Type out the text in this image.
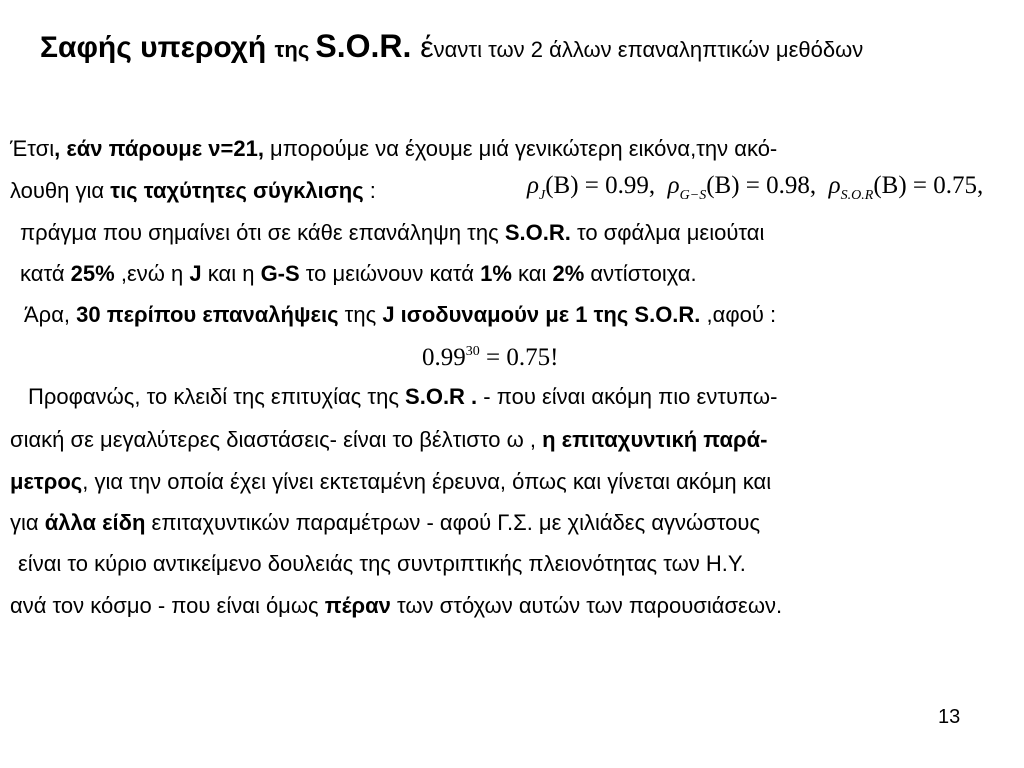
Σαφής υπεροχή της S.O.R. έναντι των 2 άλλων επαναληπτικών μεθόδων
Έτσι, εάν πάρουμε ν=21, μπορούμε να έχουμε μιά γενικώτερη εικόνα,την ακό-
λουθη για τις ταχύτητες σύγκλισης :	$\rho_J(B) = 0.99$, $\rho_{G-S}(B) = 0.98$, $\rho_{S.O.R}(B) = 0.75$,
πράγμα που σημαίνει ότι σε κάθε επανάληψη της S.O.R. το σφάλμα μειούται
κατά 25% ,ενώ η J και η G-S το μειώνουν κατά 1% και 2% αντίστοιχα.
Άρα, 30 περίπου επαναλήψεις της J ισοδυναμούν με 1 της S.O.R. ,αφού :
$0.99^{30} = 0.75$!
Προφανώς, το κλειδί της επιτυχίας της S.O.R . - που είναι ακόμη πιο εντυπω-
σιακή σε μεγαλύτερες διαστάσεις- είναι το βέλτιστο ω , η επιταχυντική παρά-
μετρος, για την οποία έχει γίνει εκτεταμένη έρευνα, όπως και γίνεται ακόμη και
για άλλα είδη επιταχυντικών παραμέτρων - αφού Γ.Σ. με χιλιάδες αγνώστους
είναι το κύριο αντικείμενο δουλειάς της συντριπτικής πλειονότητας των Η.Υ.
ανά τον κόσμο - που είναι όμως πέραν των στόχων αυτών των παρουσιάσεων.
13
